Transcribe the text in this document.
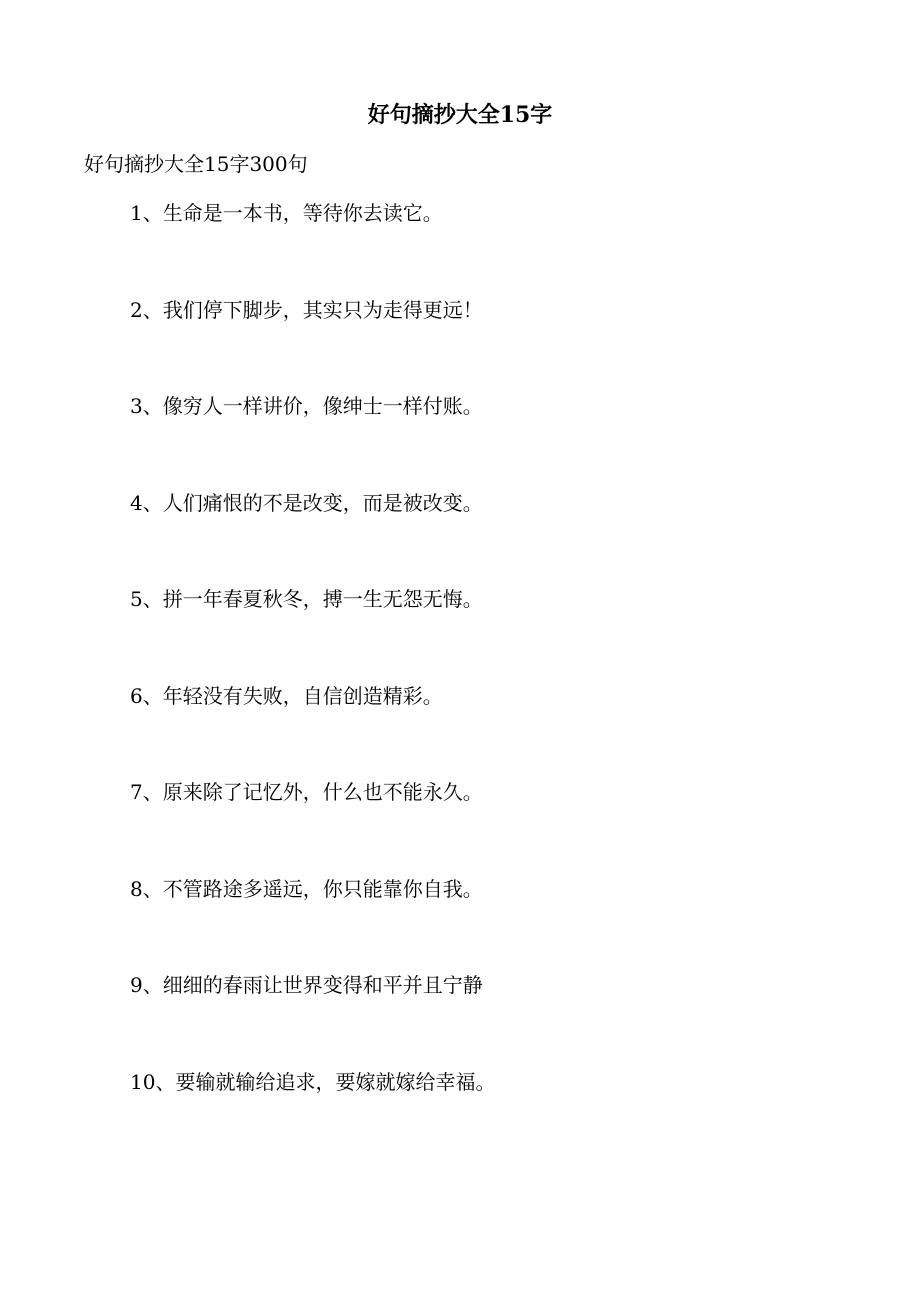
好句摘抄大全15字

好句摘抄大全15字300句

1、生命是一本书，等待你去读它。
2、我们停下脚步，其实只为走得更远！
3、像穷人一样讲价，像绅士一样付账。
4、人们痛恨的不是改变，而是被改变。
5、拼一年春夏秋冬，搏一生无怨无悔。
6、年轻没有失败，自信创造精彩。
7、原来除了记忆外，什么也不能永久。
8、不管路途多遥远，你只能靠你自我。
9、细细的春雨让世界变得和平并且宁静
10、要输就输给追求，要嫁就嫁给幸福。
